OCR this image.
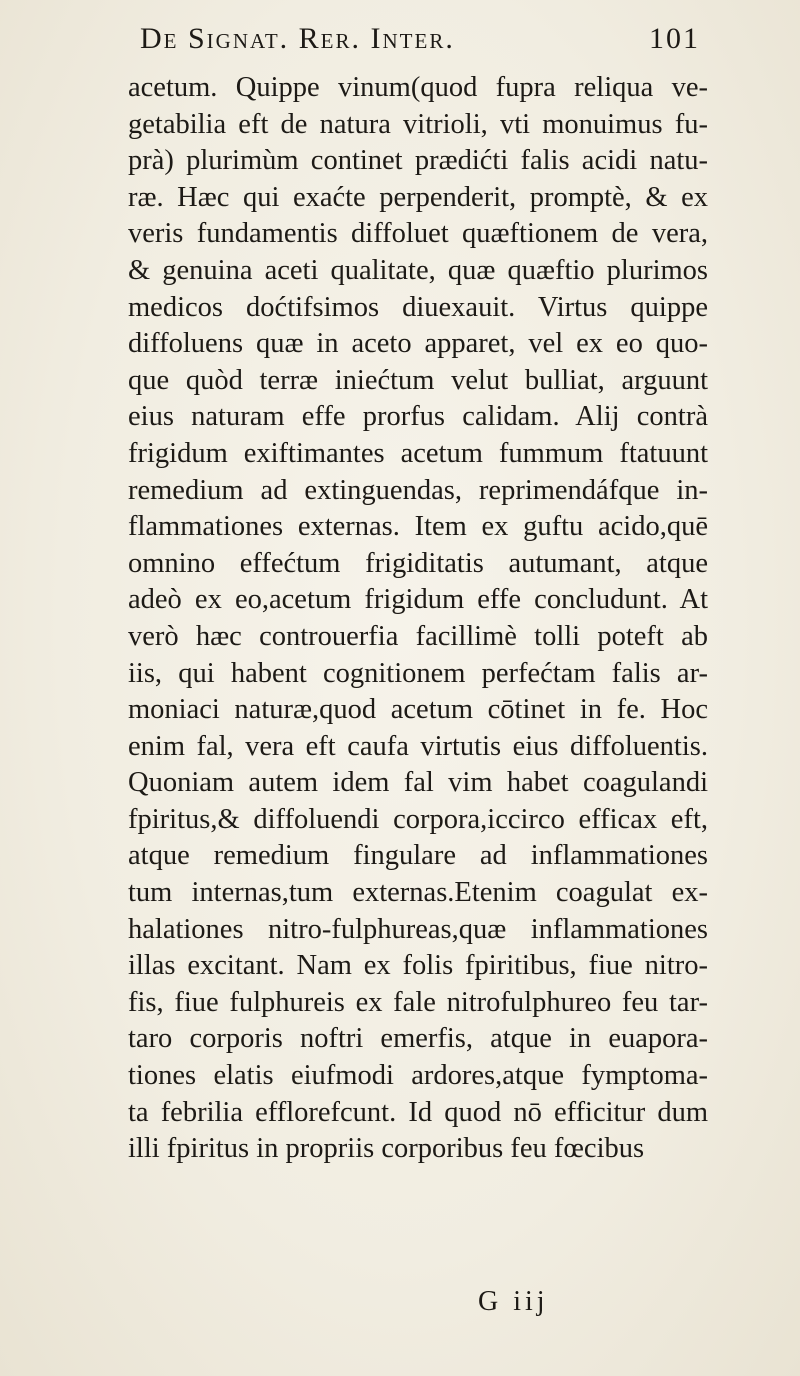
De Signat. Rer. Inter.	101
acetum. Quippe vinum(quod fupra reliqua ve-
getabilia eft de natura vitrioli, vti monuimus fu-
prà) plurimùm continet prædićti falis acidi natu-
ræ. Hæc qui exaćte perpenderit, promptè, & ex
veris fundamentis diffoluet quæftionem de vera,
& genuina aceti qualitate, quæ quæftio plurimos
medicos doćtifsimos diuexauit. Virtus quippe
diffoluens quæ in aceto apparet, vel ex eo quo-
que quòd terræ iniećtum velut bulliat, arguunt
eius naturam effe prorfus calidam. Alij contrà
frigidum exiftimantes acetum fummum ftatuunt
remedium ad extinguendas, reprimendáfque in-
flammationes externas. Item ex guftu acido,quē
omnino effećtum frigiditatis autumant, atque
adeò ex eo,acetum frigidum effe concludunt. At
verò hæc controuerfia facillimè tolli poteft ab
iis, qui habent cognitionem perfećtam falis ar-
moniaci naturæ,quod acetum cōtinet in fe. Hoc
enim fal, vera eft caufa virtutis eius diffoluentis.
Quoniam autem idem fal vim habet coagulandi
fpiritus,& diffoluendi corpora,iccirco efficax eft,
atque remedium fingulare ad inflammationes
tum internas,tum externas.Etenim coagulat ex-
halationes nitro-fulphureas,quæ inflammationes
illas excitant. Nam ex folis fpiritibus, fiue nitro-
fis, fiue fulphureis ex fale nitrofulphureo feu tar-
taro corporis noftri emerfis, atque in euapora-
tiones elatis eiufmodi ardores,atque fymptoma-
ta febrilia efflorefcunt. Id quod nō efficitur dum
illi fpiritus in propriis corporibus feu fœcibus
G iij
